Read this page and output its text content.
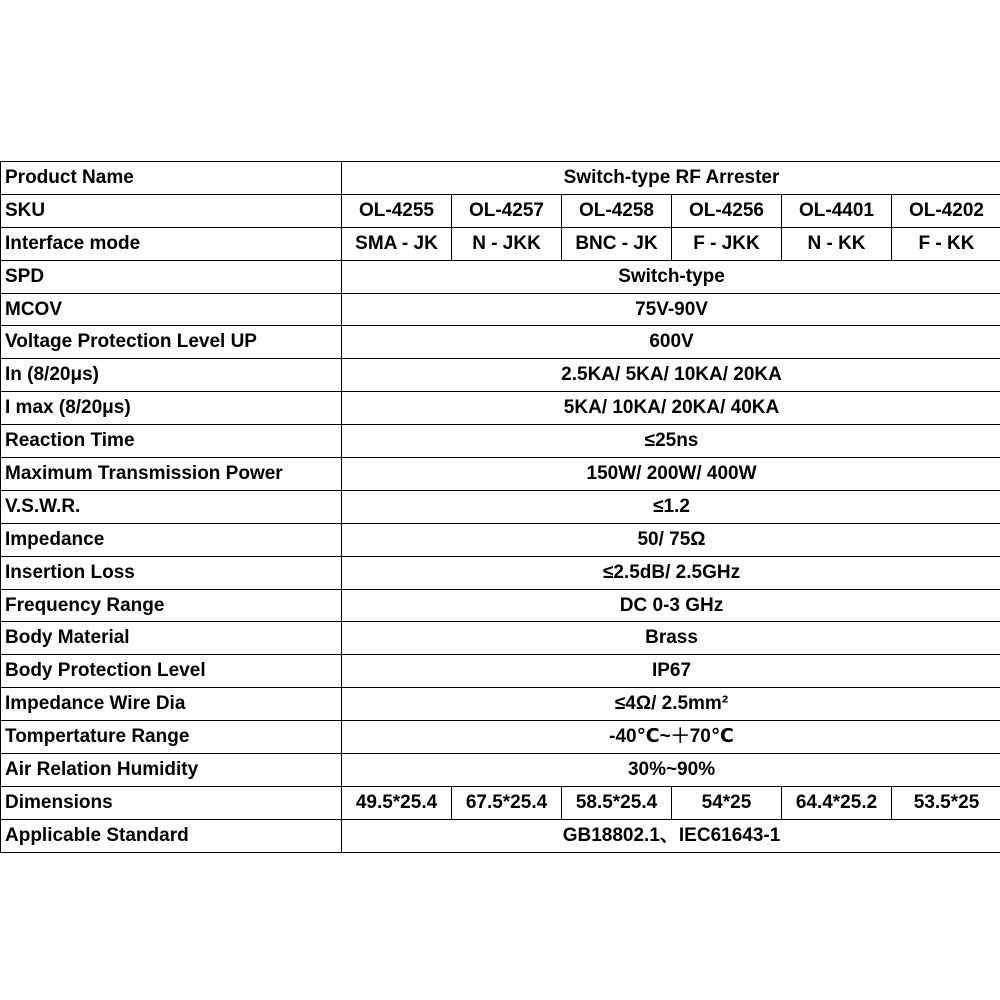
Product Name	Switch-type RF Arrester					
SKU	OL-4255	OL-4257	OL-4258	OL-4256	OL-4401	OL-4202
Interface mode	SMA - JK	N - JKK	BNC - JK	F - JKK	N - KK	F - KK
SPD	Switch-type					
MCOV	75V-90V					
Voltage Protection Level UP	600V					
In (8/20μs)	2.5KA/ 5KA/ 10KA/ 20KA					
I max (8/20μs)	5KA/ 10KA/ 20KA/ 40KA					
Reaction Time	≤25ns					
Maximum Transmission Power	150W/ 200W/ 400W					
V.S.W.R.	≤1.2					
Impedance	50/ 75Ω					
Insertion Loss	≤2.5dB/ 2.5GHz					
Frequency Range	DC 0-3 GHz					
Body Material	Brass					
Body Protection Level	IP67					
Impedance Wire Dia	≤4Ω/ 2.5mm²					
Tompertature Range	-40℃~＋70℃					
Air Relation Humidity	30%~90%					
Dimensions	49.5*25.4	67.5*25.4	58.5*25.4	54*25	64.4*25.2	53.5*25
Applicable Standard	GB18802.1、IEC61643-1					
